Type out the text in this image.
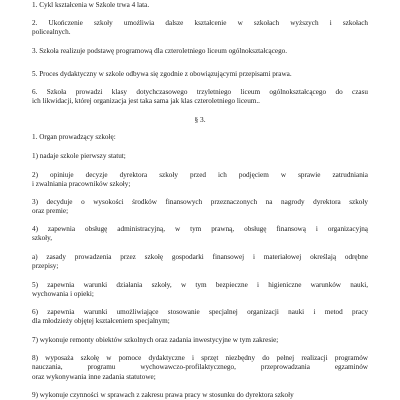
1. Cykl kształcenia w Szkole trwa 4 lata.

2. Ukończenie szkoły umożliwia dalsze kształcenie w szkołach wyższych i szkołach
policealnych.

3. Szkoła realizuje podstawę programową dla czteroletniego liceum ogólnokształcącego.

5. Proces dydaktyczny w szkole odbywa się zgodnie z obowiązującymi przepisami prawa.

6. Szkoła prowadzi klasy dotychczasowego trzyletniego liceum ogólnokształcącego do czasu
ich likwidacji, której organizacja jest taka sama jak klas czteroletniego liceum..

§ 3.

1. Organ prowadzący szkołę:

1) nadaje szkole pierwszy statut;

2) opiniuje decyzje dyrektora szkoły przed ich podjęciem w sprawie zatrudniania
i zwalniania pracowników szkoły;

3) decyduje o wysokości środków finansowych przeznaczonych na nagrody dyrektora szkoły
oraz premie;

4) zapewnia obsługę administracyjną, w tym prawną, obsługę finansową i organizacyjną
szkoły,

a) zasady prowadzenia przez szkołę gospodarki finansowej i materiałowej określają odrębne
przepisy;

5) zapewnia warunki działania szkoły, w tym bezpieczne i higieniczne warunków nauki,
wychowania i opieki;

6) zapewnia warunki umożliwiające stosowanie specjalnej organizacji nauki i metod pracy
dla młodzieży objętej kształceniem specjalnym;

7) wykonuje remonty obiektów szkolnych oraz zadania inwestycyjne w tym zakresie;

8) wyposaża szkołę w pomoce dydaktyczne i sprzęt niezbędny do pełnej realizacji programów
nauczania, programu wychowawczo-profilaktycznego, przeprowadzania egzaminów
oraz wykonywania inne zadania statutowe;

9) wykonuje czynności w sprawach z zakresu prawa pracy w stosunku do dyrektora szkoły
